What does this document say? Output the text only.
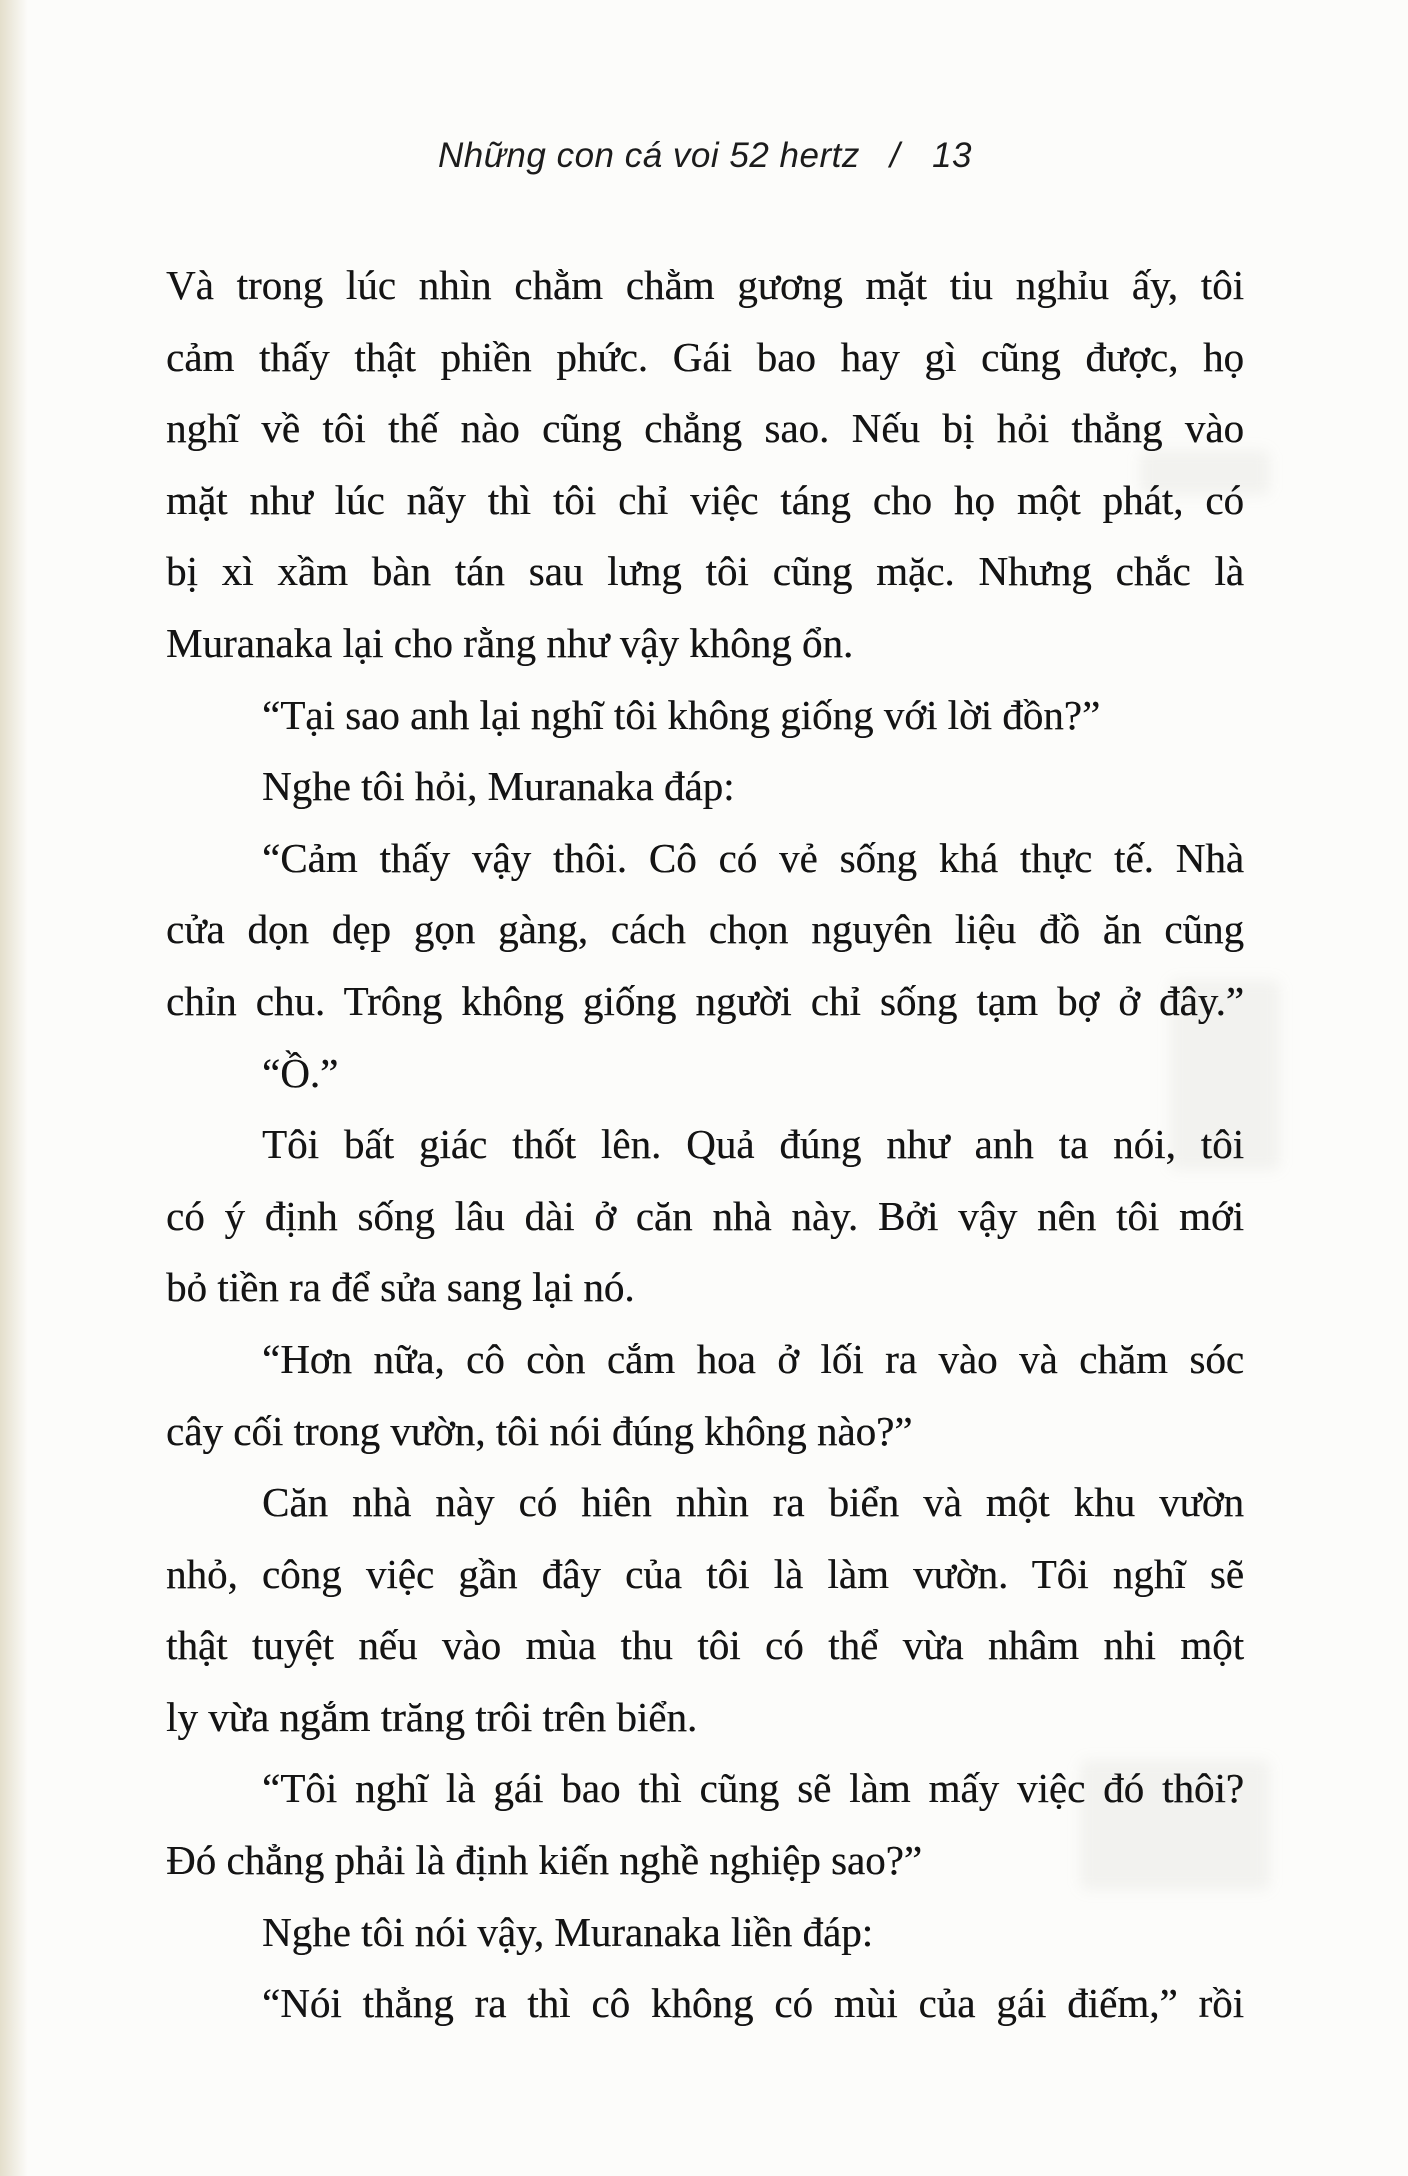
Những con cá voi 52 hertz / 13
Và trong lúc nhìn chằm chằm gương mặt tiu nghỉu ấy, tôi
cảm thấy thật phiền phức. Gái bao hay gì cũng được, họ
nghĩ về tôi thế nào cũng chẳng sao. Nếu bị hỏi thẳng vào
mặt như lúc nãy thì tôi chỉ việc táng cho họ một phát, có
bị xì xầm bàn tán sau lưng tôi cũng mặc. Nhưng chắc là
Muranaka lại cho rằng như vậy không ổn.
“Tại sao anh lại nghĩ tôi không giống với lời đồn?”
Nghe tôi hỏi, Muranaka đáp:
“Cảm thấy vậy thôi. Cô có vẻ sống khá thực tế. Nhà
cửa dọn dẹp gọn gàng, cách chọn nguyên liệu đồ ăn cũng
chỉn chu. Trông không giống người chỉ sống tạm bợ ở đây.”
“Ồ.”
Tôi bất giác thốt lên. Quả đúng như anh ta nói, tôi
có ý định sống lâu dài ở căn nhà này. Bởi vậy nên tôi mới
bỏ tiền ra để sửa sang lại nó.
“Hơn nữa, cô còn cắm hoa ở lối ra vào và chăm sóc
cây cối trong vườn, tôi nói đúng không nào?”
Căn nhà này có hiên nhìn ra biển và một khu vườn
nhỏ, công việc gần đây của tôi là làm vườn. Tôi nghĩ sẽ
thật tuyệt nếu vào mùa thu tôi có thể vừa nhâm nhi một
ly vừa ngắm trăng trôi trên biển.
“Tôi nghĩ là gái bao thì cũng sẽ làm mấy việc đó thôi?
Đó chẳng phải là định kiến nghề nghiệp sao?”
Nghe tôi nói vậy, Muranaka liền đáp:
“Nói thẳng ra thì cô không có mùi của gái điếm,” rồi
